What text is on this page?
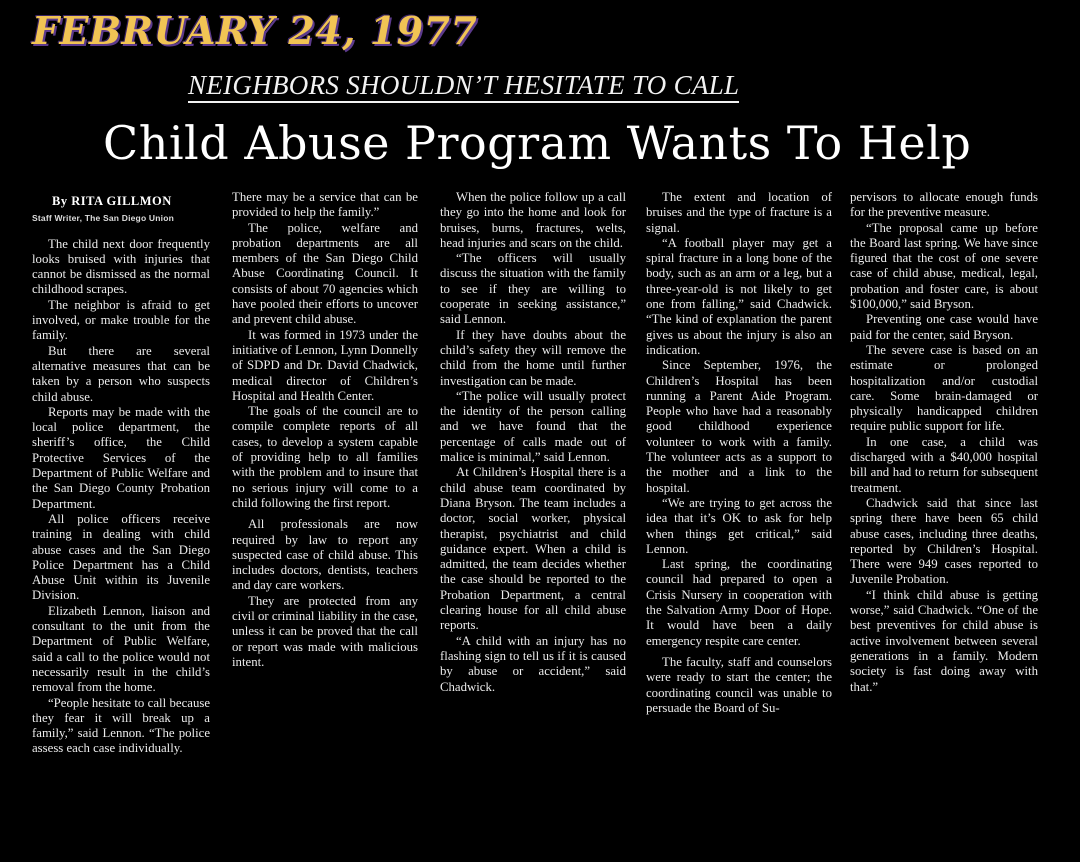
FEBRUARY 24, 1977
NEIGHBORS SHOULDN’T HESITATE TO CALL
Child Abuse Program Wants To Help

By RITA GILLMON

Staff Writer, The San Diego Union

The child next door frequently looks bruised with injuries that cannot be dismissed as the normal childhood scrapes.

The neighbor is afraid to get involved, or make trouble for the family.

But there are several alternative measures that can be taken by a person who suspects child abuse.

Reports may be made with the local police department, the sheriff’s office, the Child Protective Services of the Department of Public Welfare and the San Diego County Probation Department.

All police officers receive training in dealing with child abuse cases and the San Diego Police Department has a Child Abuse Unit within its Juvenile Division.

Elizabeth Lennon, liaison and consultant to the unit from the Department of Public Welfare, said a call to the police would not necessarily result in the child’s removal from the home.

“People hesitate to call because they fear it will break up a family,” said Lennon. “The police assess each case individually.

There may be a service that can be provided to help the family.”

The police, welfare and probation departments are all members of the San Diego Child Abuse Coordinating Council. It consists of about 70 agencies which have pooled their efforts to uncover and prevent child abuse.

It was formed in 1973 under the initiative of Lennon, Lynn Donnelly of SDPD and Dr. David Chadwick, medical director of Children’s Hospital and Health Center.

The goals of the council are to compile complete reports of all cases, to develop a system capable of providing help to all families with the problem and to insure that no serious injury will come to a child following the first report.

All professionals are now required by law to report any suspected case of child abuse. This includes doctors, dentists, teachers and day care workers.

They are protected from any civil or criminal liability in the case, unless it can be proved that the call or report was made with malicious intent.

When the police follow up a call they go into the home and look for bruises, burns, fractures, welts, head injuries and scars on the child.

“The officers will usually discuss the situation with the family to see if they are willing to cooperate in seeking assistance,” said Lennon.

If they have doubts about the child’s safety they will remove the child from the home until further investigation can be made.

“The police will usually protect the identity of the person calling and we have found that the percentage of calls made out of malice is minimal,” said Lennon.

At Children’s Hospital there is a child abuse team coordinated by Diana Bryson. The team includes a doctor, social worker, physical therapist, psychiatrist and child guidance expert. When a child is admitted, the team decides whether the case should be reported to the Probation Department, a central clearing house for all child abuse reports.

“A child with an injury has no flashing sign to tell us if it is caused by abuse or accident,” said Chadwick.

The extent and location of bruises and the type of fracture is a signal.

“A football player may get a spiral fracture in a long bone of the body, such as an arm or a leg, but a three-year-old is not likely to get one from falling,” said Chadwick. “The kind of explanation the parent gives us about the injury is also an indication.

Since September, 1976, the Children’s Hospital has been running a Parent Aide Program. People who have had a reasonably good childhood experience volunteer to work with a family. The volunteer acts as a support to the mother and a link to the hospital.

“We are trying to get across the idea that it’s OK to ask for help when things get critical,” said Lennon.

Last spring, the coordinating council had prepared to open a Crisis Nursery in cooperation with the Salvation Army Door of Hope. It would have been a daily emergency respite care center.

The faculty, staff and counselors were ready to start the center; the coordinating council was unable to persuade the Board of Su-

pervisors to allocate enough funds for the preventive measure.

“The proposal came up before the Board last spring. We have since figured that the cost of one severe case of child abuse, medical, legal, probation and foster care, is about $100,000,” said Bryson.

Preventing one case would have paid for the center, said Bryson.

The severe case is based on an estimate or prolonged hospitalization and/or custodial care. Some brain-damaged or physically handicapped children require public support for life.

In one case, a child was discharged with a $40,000 hospital bill and had to return for subsequent treatment.

Chadwick said that since last spring there have been 65 child abuse cases, including three deaths, reported by Children’s Hospital. There were 949 cases reported to Juvenile Probation.

“I think child abuse is getting worse,” said Chadwick. “One of the best preventives for child abuse is active involvement between several generations in a family. Modern society is fast doing away with that.”
